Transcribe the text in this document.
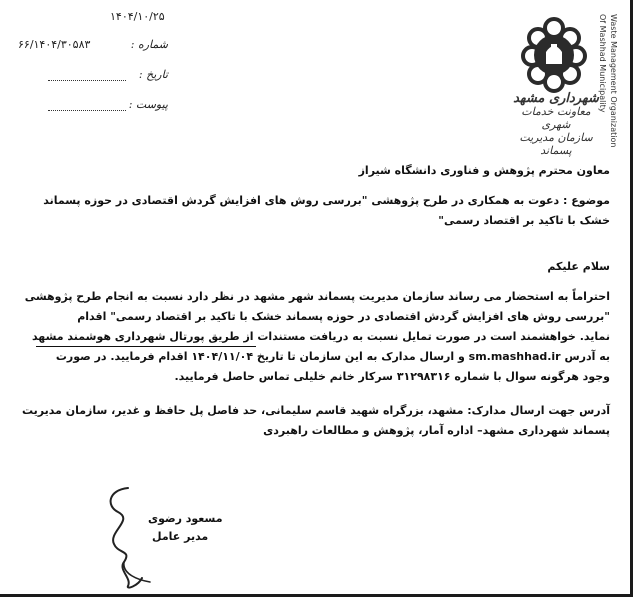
۱۴۰۴/۱۰/۲۵
۶۶/۱۴۰۴/۳۰۵۸۳	شماره :
تاریخ :
پیوست :	Waste Management Organization
Of Mashhad Municipality
شهرداری مشهد
معاونت خدمات شهری
سازمان مدیریت پسماند
معاون محترم پژوهش و فناوری دانشگاه شیراز
موضوع : دعوت به همکاری در طرح پژوهشی "بررسی روش های افزایش گردش اقتصادی در حوزه پسماند
خشک با تاکید بر اقتصاد رسمی"
سلام علیکم
احتراماً به استحضار می رساند سازمان مدیریت پسماند شهر مشهد در نظر دارد نسبت به انجام طرح پژوهشی
"بررسی روش های افزایش گردش اقتصادی در حوزه پسماند خشک با تاکید بر اقتصاد رسمی" اقدام
نماید. خواهشمند است در صورت تمایل نسبت به دریافت مستندات از طریق پورتال شهرداری هوشمند مشهد
به آدرس sm.mashhad.ir و ارسال مدارک به این سازمان تا تاریخ ۱۴۰۴/۱۱/۰۴ اقدام فرمایید. در صورت
وجود هرگونه سوال با شماره ۳۱۲۹۸۳۱۶ سرکار خانم خلیلی تماس حاصل فرمایید.
آدرس جهت ارسال مدارک: مشهد، بزرگراه شهید قاسم سلیمانی، حد فاصل پل حافظ و غدیر، سازمان مدیریت
پسماند شهرداری مشهد– اداره آمار، پژوهش و مطالعات راهبردی
مسعود رضوی
مدیر عامل
